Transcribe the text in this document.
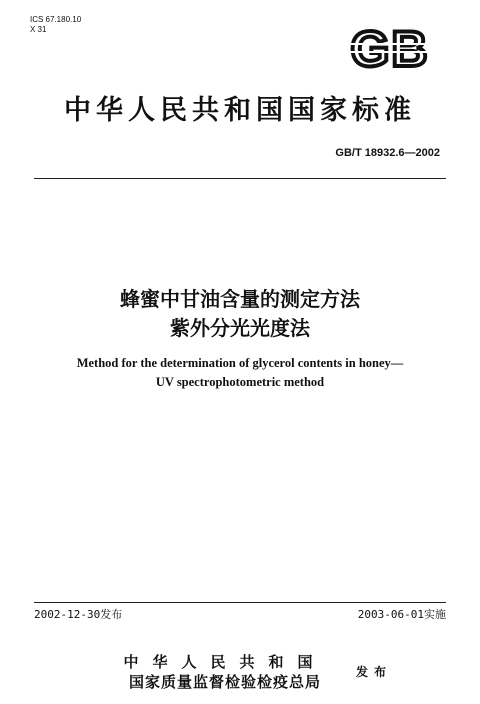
ICS 67.180.10
X 31	GB
中华人民共和国国家标准
GB/T 18932.6—2002
蜂蜜中甘油含量的测定方法
紫外分光光度法
Method for the determination of glycerol contents in honey—
UV spectrophotometric method
2002-12-30发布	2003-06-01实施
中华人民共和国
国家质量监督检验检疫总局
发布
